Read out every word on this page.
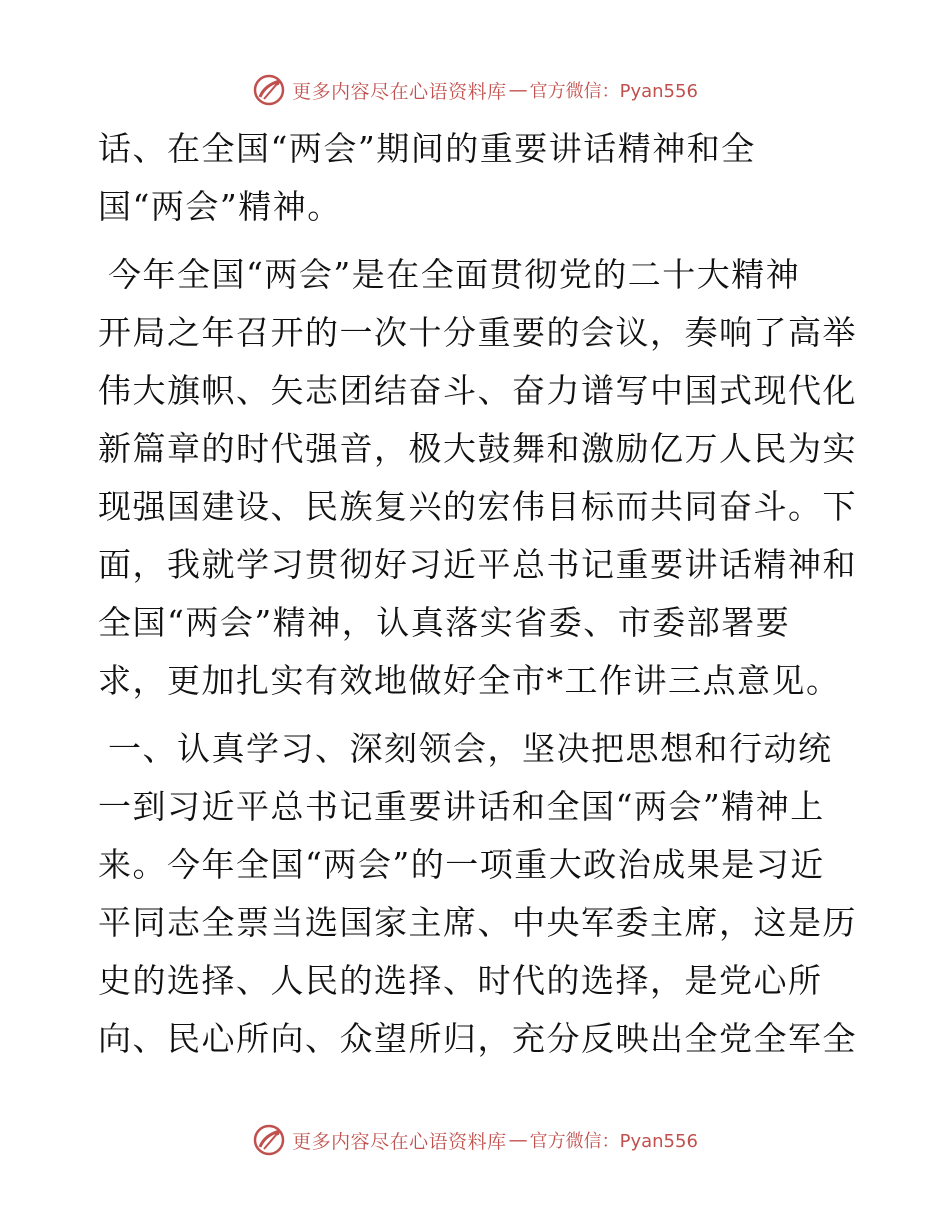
更多内容尽在心语资料库 — 官方微信：Pyan556

话、在全国“两会”期间的重要讲话精神和全
国“两会”精神。

今年全国“两会”是在全面贯彻党的二十大精神
开局之年召开的一次十分重要的会议，奏响了高举
伟大旗帜、矢志团结奋斗、奋力谱写中国式现代化
新篇章的时代强音，极大鼓舞和激励亿万人民为实
现强国建设、民族复兴的宏伟目标而共同奋斗。下
面，我就学习贯彻好习近平总书记重要讲话精神和
全国“两会”精神，认真落实省委、市委部署要
求，更加扎实有效地做好全市*工作讲三点意见。

一、认真学习、深刻领会，坚决把思想和行动统
一到习近平总书记重要讲话和全国“两会”精神上
来。今年全国“两会”的一项重大政治成果是习近
平同志全票当选国家主席、中央军委主席，这是历
史的选择、人民的选择、时代的选择，是党心所
向、民心所向、众望所归，充分反映出全党全军全

更多内容尽在心语资料库 — 官方微信：Pyan556
